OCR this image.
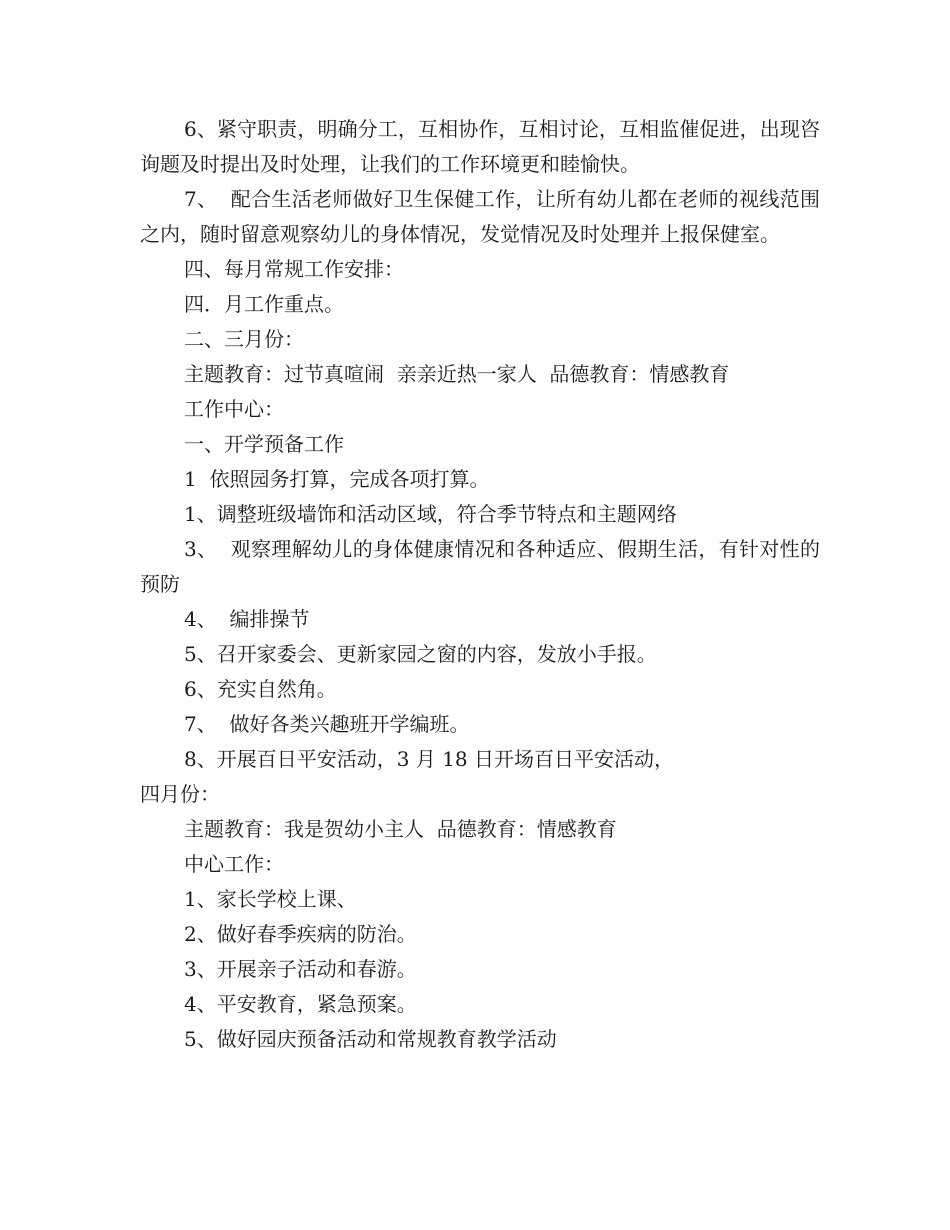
6、紧守职责，明确分工，互相协作，互相讨论，互相监催促进，出现咨询题及时提出及时处理，让我们的工作环境更和睦愉快。

7、  配合生活老师做好卫生保健工作，让所有幼儿都在老师的视线范围之内，随时留意观察幼儿的身体情况，发觉情况及时处理并上报保健室。

四、每月常规工作安排：

四．月工作重点。

二、三月份：

主题教育：过节真喧闹  亲亲近热一家人  品德教育：情感教育

工作中心：

一、开学预备工作

1  依照园务打算，完成各项打算。

1、调整班级墙饰和活动区域，符合季节特点和主题网络

3、  观察理解幼儿的身体健康情况和各种适应、假期生活，有针对性的预防

4、  编排操节

5、召开家委会、更新家园之窗的内容，发放小手报。

6、充实自然角。

7、  做好各类兴趣班开学编班。

8、开展百日平安活动，3 月 18 日开场百日平安活动，

四月份：

主题教育：我是贺幼小主人  品德教育：情感教育

中心工作：

1、家长学校上课、

2、做好春季疾病的防治。

3、开展亲子活动和春游。

4、平安教育，紧急预案。

5、做好园庆预备活动和常规教育教学活动
